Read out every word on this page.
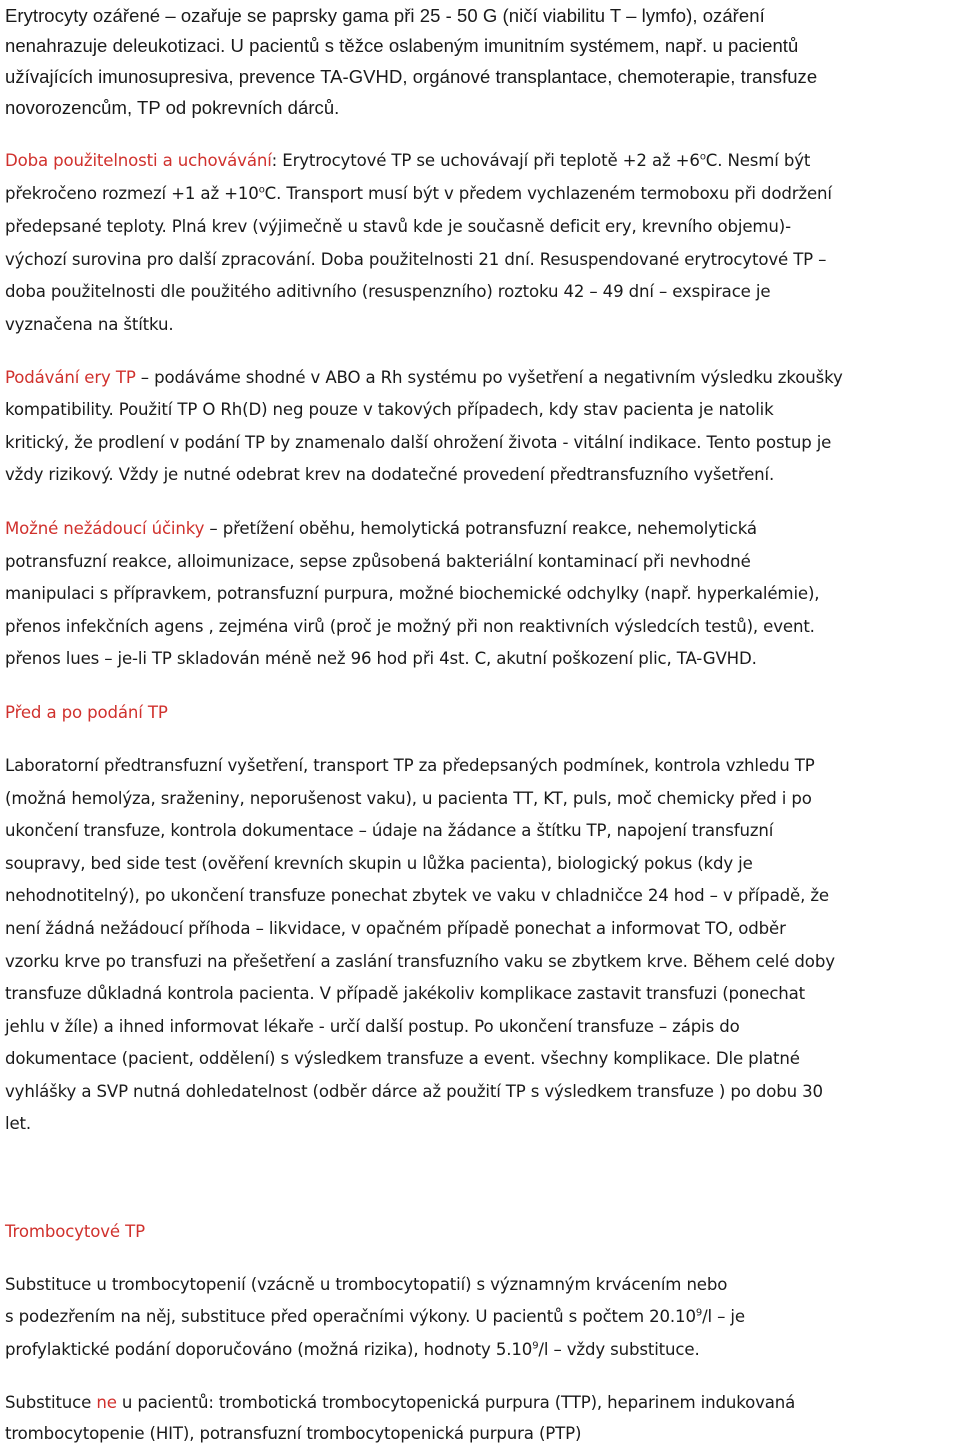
Erytrocyty ozářené – ozařuje se paprsky gama při 25 - 50 G (ničí viabilitu T – lymfo), ozáření
nenahrazuje deleukotizaci. U pacientů s těžce oslabeným imunitním systémem, např. u pacientů
užívajících imunosupresiva, prevence TA-GVHD, orgánové transplantace, chemoterapie, transfuze
novorozencům, TP od pokrevních dárců.
Doba použitelnosti a uchovávání: Erytrocytové TP se uchovávají při teplotě +2 až $+6^oC$. Nesmí být
překročeno rozmezí +1 až $+10^oC$. Transport musí být v předem vychlazeném termoboxu při dodržení
předepsané teploty. Plná krev (výjimečně u stavů kde je současně deficit ery, krevního objemu)-
výchozí surovina pro další zpracování. Doba použitelnosti 21 dní. Resuspendované erytrocytové TP –
doba použitelnosti dle použitého aditivního (resuspenzního) roztoku 42 – 49 dní – exspirace je
vyznačena na štítku.
Podávání ery TP – podáváme shodné v ABO a Rh systému po vyšetření a negativním výsledku zkoušky
kompatibility. Použití TP O Rh(D) neg pouze v takových případech, kdy stav pacienta je natolik
kritický, že prodlení v podání TP by znamenalo další ohrožení života - vitální indikace. Tento postup je
vždy rizikový. Vždy je nutné odebrat krev na dodatečné provedení předtransfuzního vyšetření.
Možné nežádoucí účinky – přetížení oběhu, hemolytická potransfuzní reakce, nehemolytická
potransfuzní reakce, alloimunizace, sepse způsobená bakteriální kontaminací při nevhodné
manipulaci s přípravkem, potransfuzní purpura, možné biochemické odchylky (např. hyperkalémie),
přenos infekčních agens , zejména virů (proč je možný při non reaktivních výsledcích testů), event.
přenos lues – je-li TP skladován méně než 96 hod při 4st. C, akutní poškození plic, TA-GVHD.
Před a po podání TP
Laboratorní předtransfuzní vyšetření, transport TP za předepsaných podmínek, kontrola vzhledu TP
(možná hemolýza, sraženiny, neporušenost vaku), u pacienta TT, KT, puls, moč chemicky před i po
ukončení transfuze, kontrola dokumentace – údaje na žádance a štítku TP, napojení transfuzní
soupravy, bed side test (ověření krevních skupin u lůžka pacienta), biologický pokus (kdy je
nehodnotitelný), po ukončení transfuze ponechat zbytek ve vaku v chladničce 24 hod – v případě, že
není žádná nežádoucí příhoda – likvidace, v opačném případě ponechat a informovat TO, odběr
vzorku krve po transfuzi na přešetření a zaslání transfuzního vaku se zbytkem krve. Během celé doby
transfuze důkladná kontrola pacienta. V případě jakékoliv komplikace zastavit transfuzi (ponechat
jehlu v žíle) a ihned informovat lékaře - určí další postup. Po ukončení transfuze – zápis do
dokumentace (pacient, oddělení) s výsledkem transfuze a event. všechny komplikace. Dle platné
vyhlášky a SVP nutná dohledatelnost (odběr dárce až použití TP s výsledkem transfuze ) po dobu 30
let.
Trombocytové TP
Substituce u trombocytopenií (vzácně u trombocytopatií) s významným krvácením nebo
s podezřením na něj, substituce před operačními výkony. U pacientů s počtem 20.10$^9$/l – je
profylaktické podání doporučováno (možná rizika), hodnoty 5.10$^9$/l – vždy substituce.
Substituce ne u pacientů: trombotická trombocytopenická purpura (TTP), heparinem indukovaná
trombocytopenie (HIT), potransfuzní trombocytopenická purpura (PTP)
